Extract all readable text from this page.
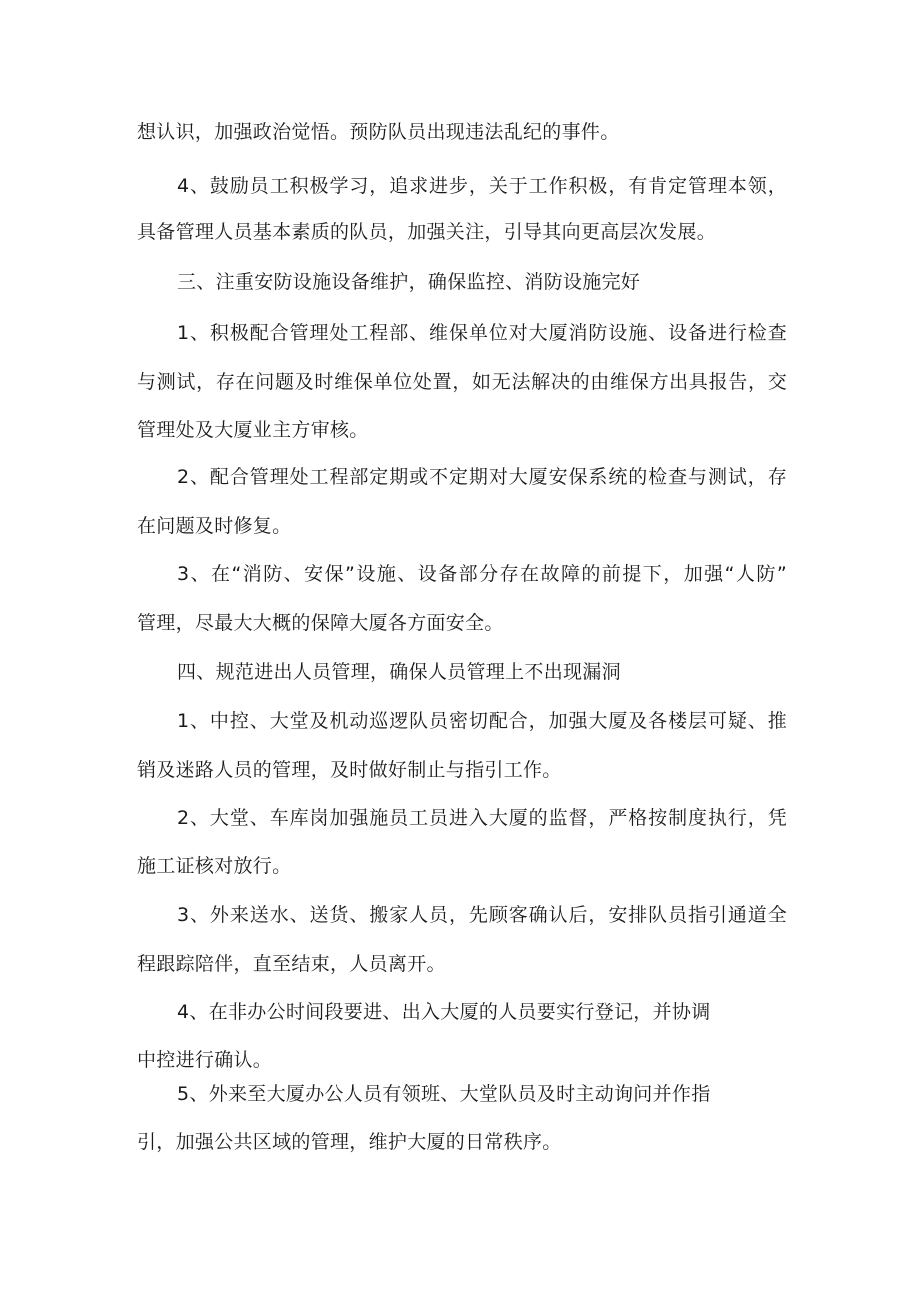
想认识，加强政治觉悟。预防队员出现违法乱纪的事件。
4、鼓励员工积极学习，追求进步，关于工作积极，有肯定管理本领，
具备管理人员基本素质的队员，加强关注，引导其向更高层次发展。
三、注重安防设施设备维护，确保监控、消防设施完好
1、积极配合管理处工程部、维保单位对大厦消防设施、设备进行检查
与测试，存在问题及时维保单位处置，如无法解决的由维保方出具报告，交
管理处及大厦业主方审核。
2、配合管理处工程部定期或不定期对大厦安保系统的检查与测试，存
在问题及时修复。
3、在“消防、安保”设施、设备部分存在故障的前提下，加强“人防”
管理，尽最大大概的保障大厦各方面安全。
四、规范进出人员管理，确保人员管理上不出现漏洞
1、中控、大堂及机动巡逻队员密切配合，加强大厦及各楼层可疑、推
销及迷路人员的管理，及时做好制止与指引工作。
2、大堂、车库岗加强施员工员进入大厦的监督，严格按制度执行，凭
施工证核对放行。
3、外来送水、送货、搬家人员，先顾客确认后，安排队员指引通道全
程跟踪陪伴，直至结束，人员离开。
4、在非办公时间段要进、出入大厦的人员要实行登记，并协调
中控进行确认。
5、外来至大厦办公人员有领班、大堂队员及时主动询问并作指
引，加强公共区域的管理，维护大厦的日常秩序。
